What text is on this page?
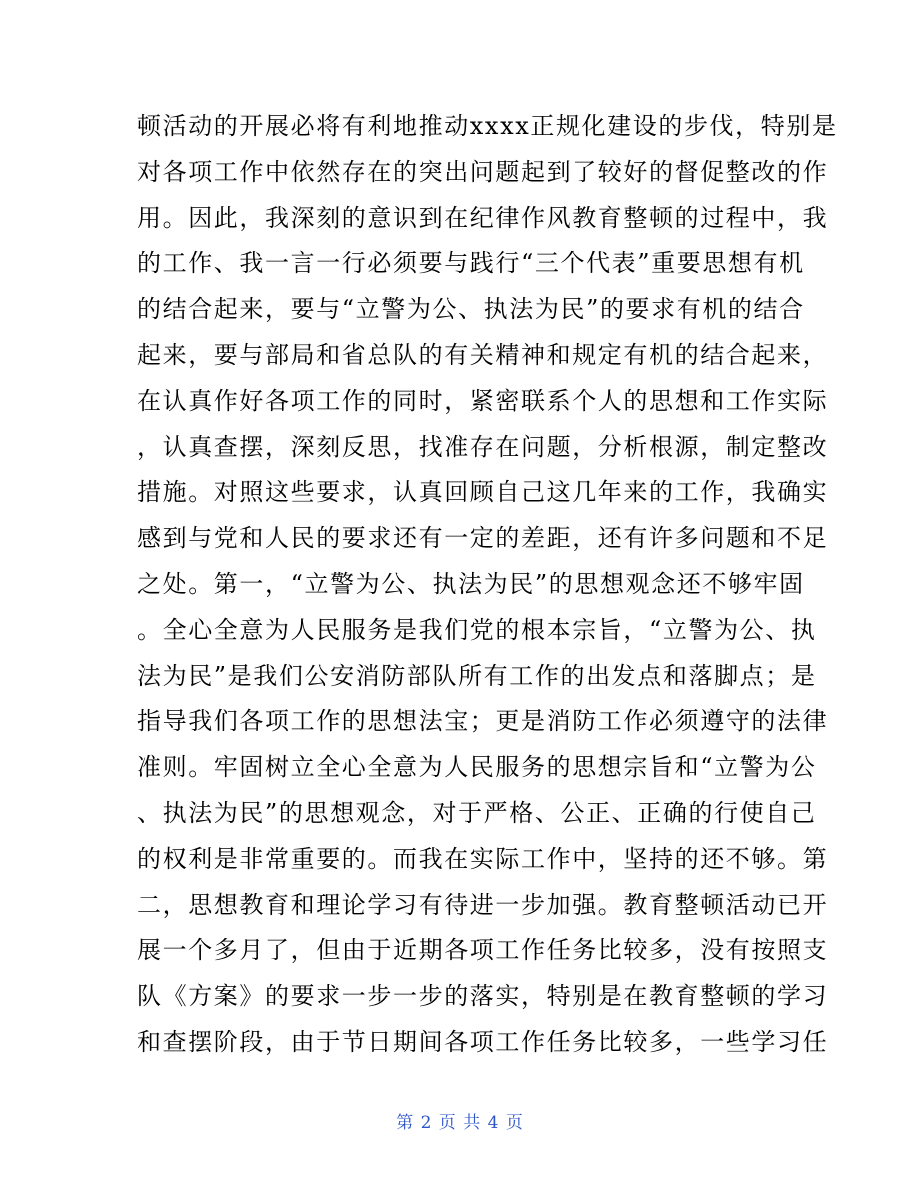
顿活动的开展必将有利地推动xxxx正规化建设的步伐，特别是
对各项工作中依然存在的突出问题起到了较好的督促整改的作
用。因此，我深刻的意识到在纪律作风教育整顿的过程中，我
的工作、我一言一行必须要与践行“三个代表”重要思想有机
的结合起来，要与“立警为公、执法为民”的要求有机的结合
起来，要与部局和省总队的有关精神和规定有机的结合起来，
在认真作好各项工作的同时，紧密联系个人的思想和工作实际
，认真查摆，深刻反思，找准存在问题，分析根源，制定整改
措施。对照这些要求，认真回顾自己这几年来的工作，我确实
感到与党和人民的要求还有一定的差距，还有许多问题和不足
之处。第一，“立警为公、执法为民”的思想观念还不够牢固
。全心全意为人民服务是我们党的根本宗旨，“立警为公、执
法为民”是我们公安消防部队所有工作的出发点和落脚点；是
指导我们各项工作的思想法宝；更是消防工作必须遵守的法律
准则。牢固树立全心全意为人民服务的思想宗旨和“立警为公
、执法为民”的思想观念，对于严格、公正、正确的行使自己
的权利是非常重要的。而我在实际工作中，坚持的还不够。第
二，思想教育和理论学习有待进一步加强。教育整顿活动已开
展一个多月了，但由于近期各项工作任务比较多，没有按照支
队《方案》的要求一步一步的落实，特别是在教育整顿的学习
和查摆阶段，由于节日期间各项工作任务比较多，一些学习任
第 2 页 共 4 页
